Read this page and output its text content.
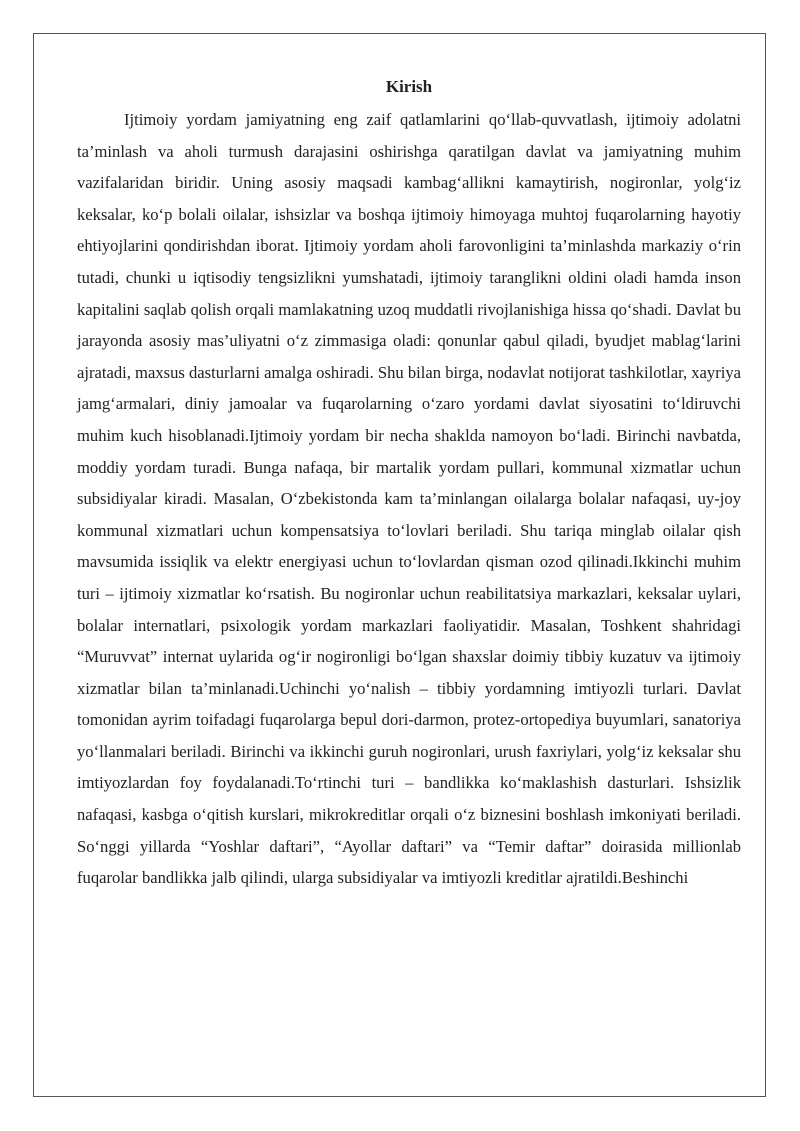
Kirish

Ijtimoiy yordam jamiyatning eng zaif qatlamlarini qo‘llab-quvvatlash, ijtimoiy adolatni ta’minlash va aholi turmush darajasini oshirishga qaratilgan davlat va jamiyatning muhim vazifalaridan biridir. Uning asosiy maqsadi kambag‘allikni kamaytirish, nogironlar, yolg‘iz keksalar, ko‘p bolali oilalar, ishsizlar va boshqa ijtimoiy himoyaga muhtoj fuqarolarning hayotiy ehtiyojlarini qondirishdan iborat. Ijtimoiy yordam aholi farovonligini ta’minlashda markaziy o‘rin tutadi, chunki u iqtisodiy tengsizlikni yumshatadi, ijtimoiy taranglikni oldini oladi hamda inson kapitalini saqlab qolish orqali mamlakatning uzoq muddatli rivojlanishiga hissa qo‘shadi. Davlat bu jarayonda asosiy mas’uliyatni o‘z zimmasiga oladi: qonunlar qabul qiladi, byudjet mablag‘larini ajratadi, maxsus dasturlarni amalga oshiradi. Shu bilan birga, nodavlat notijorat tashkilotlar, xayriya jamg‘armalari, diniy jamoalar va fuqarolarning o‘zaro yordami davlat siyosatini to‘ldiruvchi muhim kuch hisoblanadi.Ijtimoiy yordam bir necha shaklda namoyon bo‘ladi. Birinchi navbatda, moddiy yordam turadi. Bunga nafaqa, bir martalik yordam pullari, kommunal xizmatlar uchun subsidiyalar kiradi. Masalan, O‘zbekistonda kam ta’minlangan oilalarga bolalar nafaqasi, uy-joy kommunal xizmatlari uchun kompensatsiya to‘lovlari beriladi. Shu tariqa minglab oilalar qish mavsumida issiqlik va elektr energiyasi uchun to‘lovlardan qisman ozod qilinadi.Ikkinchi muhim turi – ijtimoiy xizmatlar ko‘rsatish. Bu nogironlar uchun reabilitatsiya markazlari, keksalar uylari, bolalar internatlari, psixologik yordam markazlari faoliyatidir. Masalan, Toshkent shahridagi “Muruvvat” internat uylarida og‘ir nogironligi bo‘lgan shaxslar doimiy tibbiy kuzatuv va ijtimoiy xizmatlar bilan ta’minlanadi.Uchinchi yo‘nalish – tibbiy yordamning imtiyozli turlari. Davlat tomonidan ayrim toifadagi fuqarolarga bepul dori-darmon, protez-ortopediya buyumlari, sanatoriya yo‘llanmalari beriladi. Birinchi va ikkinchi guruh nogironlari, urush faxriylari, yolg‘iz keksalar shu imtiyozlardan foy foydalanadi.To‘rtinchi turi – bandlikka ko‘maklashish dasturlari. Ishsizlik nafaqasi, kasbga o‘qitish kurslari, mikrokreditlar orqali o‘z biznesini boshlash imkoniyati beriladi. So‘nggi yillarda “Yoshlar daftari”, “Ayollar daftari” va “Temir daftar” doirasida millionlab fuqarolar bandlikka jalb qilindi, ularga subsidiyalar va imtiyozli kreditlar ajratildi.Beshinchi
